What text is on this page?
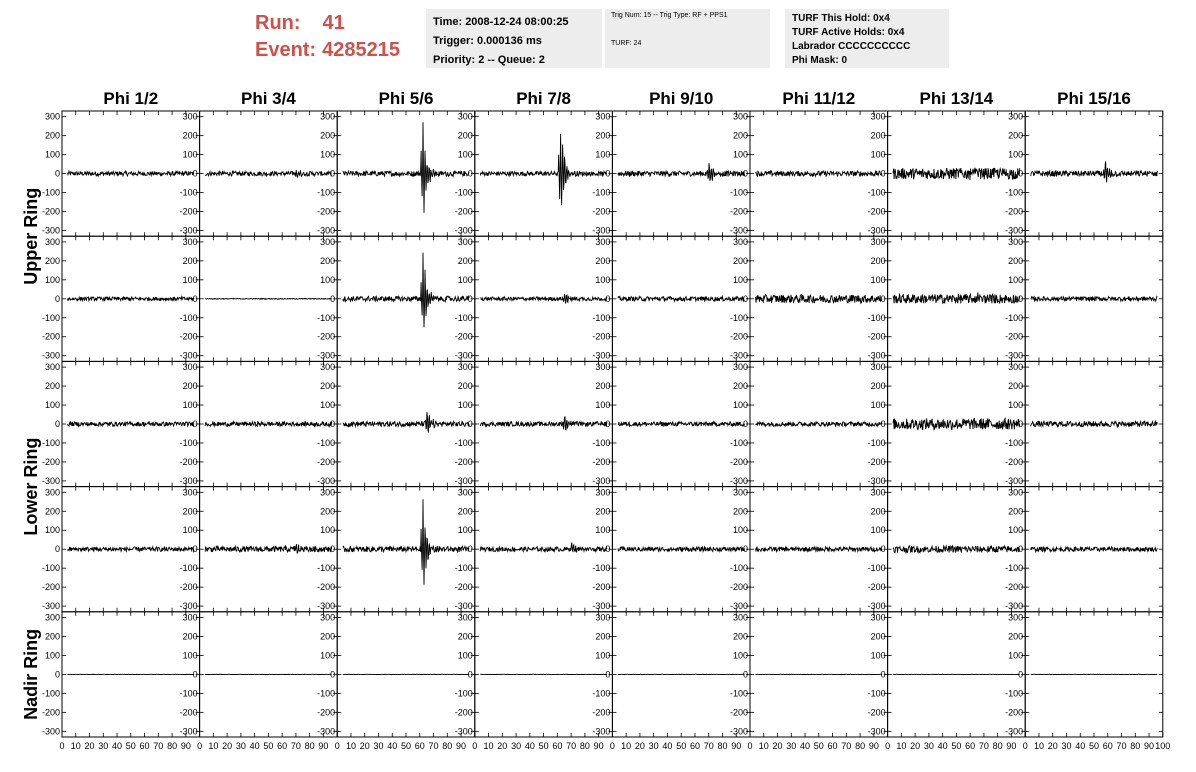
Run: 41
Event: 4285215
Time: 2008-12-24 08:00:25
Trigger: 0.000136 ms
Priority: 2 -- Queue: 2
Trig Num: 15 -- Trig Type: RF + PPS1
TURF: 24
TURF This Hold: 0x4
TURF Active Holds: 0x4
Labrador CCCCCCCCCC
Phi Mask: 0
Phi 1/2	Phi 3/4	Phi 5/6	Phi 7/8	Phi 9/10	Phi 11/12	Phi 13/14	Phi 15/16
Upper Ring
Lower Ring
Nadir Ring
300
200
100
0
-100
-200
-300
300
200
100
0
-100
-200
-300
300
200
100
0
-100
-200
-300
300
200
100
0
-100
-200
-300
300
200
100
0
-100
-200
-300
300
200
100
0
-100
-200
-300
300
200
100
0
-100
-200
-300
300
200
100
0
-100
-200
-300
300
200
100
0
-100
-200
-300
300
200
100
0
-100
-200
-300
300
200
100
0
-100
-200
-300
300
200
100
0
-100
-200
-300
300
200
100
0
-100
-200
-300
300
200
100
0
-100
-200
-300
300
200
100
0
-100
-200
-300
300
200
100
0
-100
-200
-300
300
200
100
0
-100
-200
-300
300
200
100
0
-100
-200
-300
300
200
100
0
-100
-200
-300
300
200
100
0
-100
-200
-300
300
200
100
0
-100
-200
-300
300
200
100
0
-100
-200
-300
300
200
100
0
-100
-200
-300
300
200
100
0
-100
-200
-300
300
200
100
0
-100
-200
-300
300
200
100
0
-100
-200
-300
300
200
100
0
-100
-200
-300
300
200
100
0
-100
-200
-300
300
200
100
0
-100
-200
-300
300
200
100
0
-100
-200
-300
300
200
100
0
-100
-200
-300
300
200
100
0
-100
-200
-300
300
200
100
0
-100
-200
-300
300
200
100
0
-100
-200
-300
300
200
100
0
-100
-200
-300
300
200
100
0
-100
-200
-300
300
200
100
0
-100
-200
-300
300
200
100
0
-100
-200
-300
300
200
100
0
-100
-200
-300
300
200
100
0
-100
-200
-300
0 10 20 30 40 50 60 70 80 90 0 10 20 30 40 50 60 70 80 90 0 10 20 30 40 50 60 70 80 90 0 10 20 30 40 50 60 70 80 90 0 10 20 30 40 50 60 70 80 90 0 10 20 30 40 50 60 70 80 90 0 10 20 30 40 50 60 70 80 90 0 10 20 30 40 50 60 70 80 90 100
